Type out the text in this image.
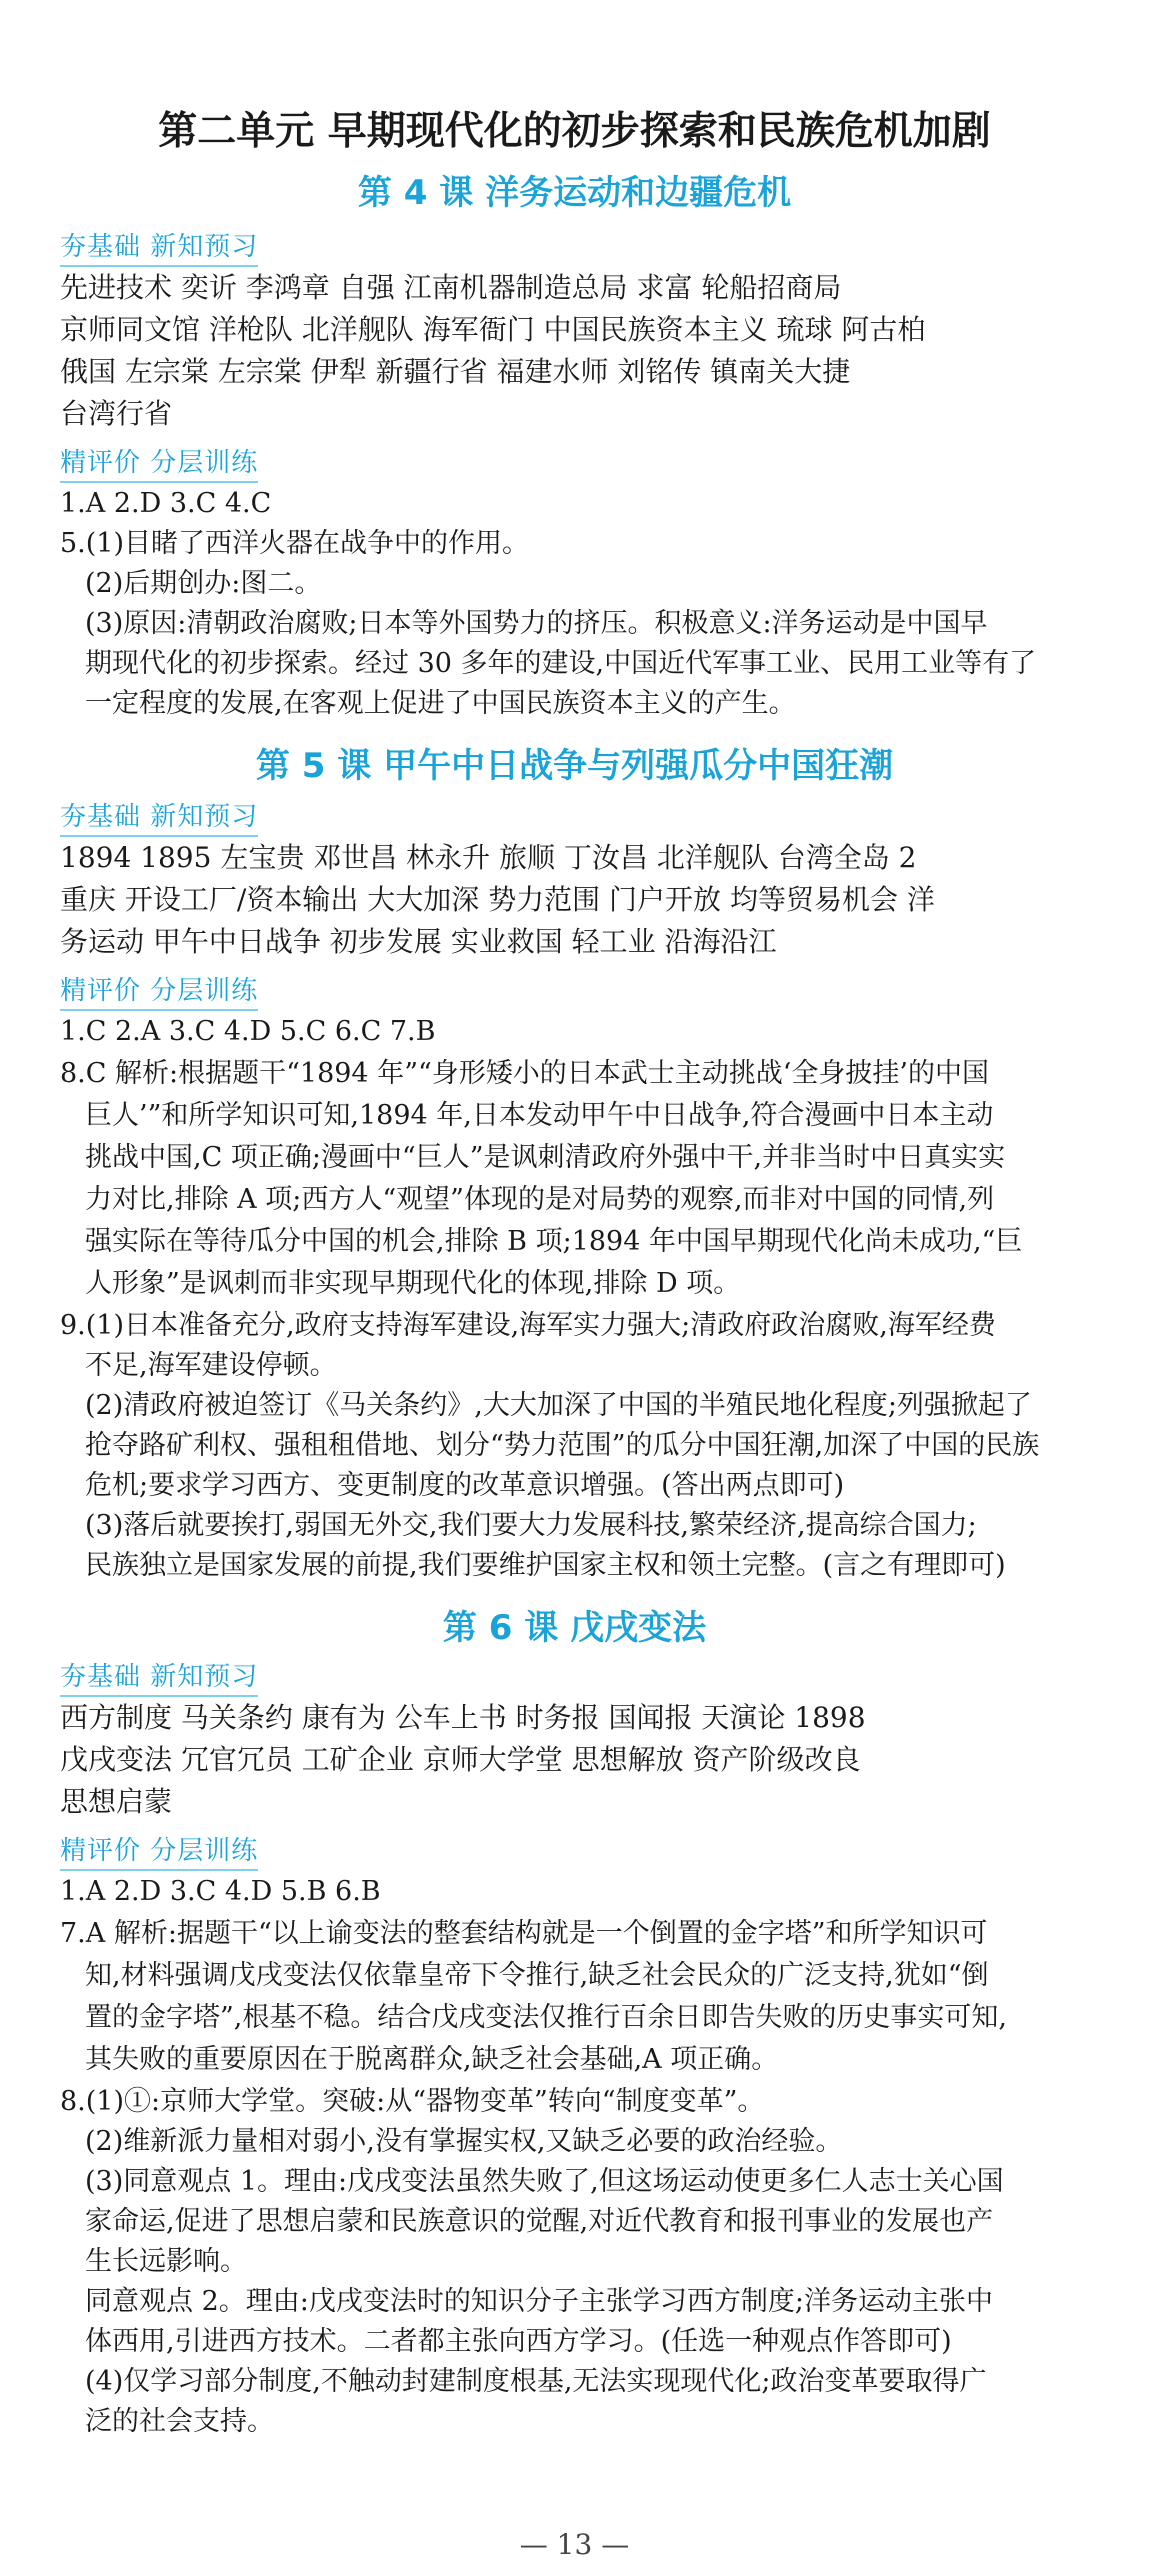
第二单元 早期现代化的初步探索和民族危机加剧
第 4 课 洋务运动和边疆危机
夯基础 新知预习
先进技术 奕䜣 李鸿章 自强 江南机器制造总局 求富 轮船招商局
京师同文馆 洋枪队 北洋舰队 海军衙门 中国民族资本主义 琉球 阿古柏
俄国 左宗棠 左宗棠 伊犁 新疆行省 福建水师 刘铭传 镇南关大捷
台湾行省
精评价 分层训练
1.A 2.D 3.C 4.C
5.(1)目睹了西洋火器在战争中的作用。
(2)后期创办:图二。
(3)原因:清朝政治腐败;日本等外国势力的挤压。积极意义:洋务运动是中国早
期现代化的初步探索。经过 30 多年的建设,中国近代军事工业、民用工业等有了
一定程度的发展,在客观上促进了中国民族资本主义的产生。
第 5 课 甲午中日战争与列强瓜分中国狂潮
夯基础 新知预习
1894 1895 左宝贵 邓世昌 林永升 旅顺 丁汝昌 北洋舰队 台湾全岛 2
重庆 开设工厂/资本输出 大大加深 势力范围 门户开放 均等贸易机会 洋
务运动 甲午中日战争 初步发展 实业救国 轻工业 沿海沿江
精评价 分层训练
1.C 2.A 3.C 4.D 5.C 6.C 7.B
8.C 解析:根据题干“1894 年”“身形矮小的日本武士主动挑战‘全身披挂’的中国
巨人’”和所学知识可知,1894 年,日本发动甲午中日战争,符合漫画中日本主动
挑战中国,C 项正确;漫画中“巨人”是讽刺清政府外强中干,并非当时中日真实实
力对比,排除 A 项;西方人“观望”体现的是对局势的观察,而非对中国的同情,列
强实际在等待瓜分中国的机会,排除 B 项;1894 年中国早期现代化尚未成功,“巨
人形象”是讽刺而非实现早期现代化的体现,排除 D 项。
9.(1)日本准备充分,政府支持海军建设,海军实力强大;清政府政治腐败,海军经费
不足,海军建设停顿。
(2)清政府被迫签订《马关条约》,大大加深了中国的半殖民地化程度;列强掀起了
抢夺路矿利权、强租租借地、划分“势力范围”的瓜分中国狂潮,加深了中国的民族
危机;要求学习西方、变更制度的改革意识增强。(答出两点即可)
(3)落后就要挨打,弱国无外交,我们要大力发展科技,繁荣经济,提高综合国力;
民族独立是国家发展的前提,我们要维护国家主权和领土完整。(言之有理即可)
第 6 课 戊戌变法
夯基础 新知预习
西方制度 马关条约 康有为 公车上书 时务报 国闻报 天演论 1898
戊戌变法 冗官冗员 工矿企业 京师大学堂 思想解放 资产阶级改良
思想启蒙
精评价 分层训练
1.A 2.D 3.C 4.D 5.B 6.B
7.A 解析:据题干“以上谕变法的整套结构就是一个倒置的金字塔”和所学知识可
知,材料强调戊戌变法仅依靠皇帝下令推行,缺乏社会民众的广泛支持,犹如“倒
置的金字塔”,根基不稳。结合戊戌变法仅推行百余日即告失败的历史事实可知,
其失败的重要原因在于脱离群众,缺乏社会基础,A 项正确。
8.(1)①:京师大学堂。突破:从“器物变革”转向“制度变革”。
(2)维新派力量相对弱小,没有掌握实权,又缺乏必要的政治经验。
(3)同意观点 1。理由:戊戌变法虽然失败了,但这场运动使更多仁人志士关心国
家命运,促进了思想启蒙和民族意识的觉醒,对近代教育和报刊事业的发展也产
生长远影响。
同意观点 2。理由:戊戌变法时的知识分子主张学习西方制度;洋务运动主张中
体西用,引进西方技术。二者都主张向西方学习。(任选一种观点作答即可)
(4)仅学习部分制度,不触动封建制度根基,无法实现现代化;政治变革要取得广
泛的社会支持。
— 13 —
